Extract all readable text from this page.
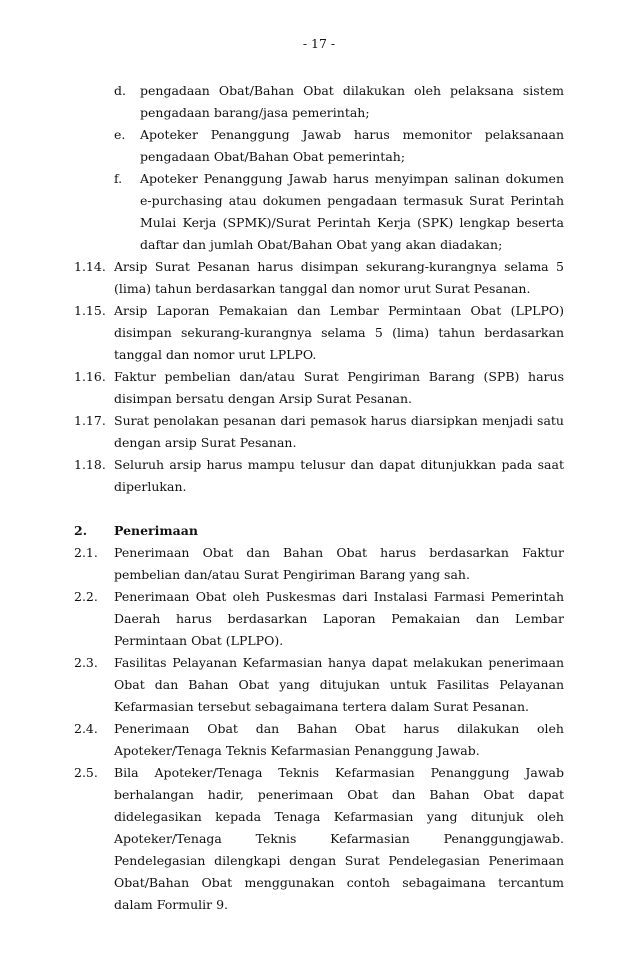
- 17 -
d.	pengadaan Obat/Bahan Obat dilakukan oleh pelaksana sistem pengadaan barang/jasa pemerintah;
e.	Apoteker Penanggung Jawab harus memonitor pelaksanaan pengadaan Obat/Bahan Obat pemerintah;
f.	Apoteker Penanggung Jawab harus menyimpan salinan dokumen e-purchasing atau dokumen pengadaan termasuk Surat Perintah Mulai Kerja (SPMK)/Surat Perintah Kerja (SPK) lengkap beserta daftar dan jumlah Obat/Bahan Obat yang akan diadakan;
1.14. Arsip Surat Pesanan harus disimpan sekurang-kurangnya selama 5 (lima) tahun berdasarkan tanggal dan nomor urut Surat Pesanan.
1.15. Arsip Laporan Pemakaian dan Lembar Permintaan Obat (LPLPO) disimpan sekurang-kurangnya selama 5 (lima) tahun berdasarkan tanggal dan nomor urut LPLPO.
1.16. Faktur pembelian dan/atau Surat Pengiriman Barang (SPB) harus disimpan bersatu dengan Arsip Surat Pesanan.
1.17. Surat penolakan pesanan dari pemasok harus diarsipkan menjadi satu dengan arsip Surat Pesanan.
1.18. Seluruh arsip harus mampu telusur dan dapat ditunjukkan pada saat diperlukan.
2.	Penerimaan
2.1.	Penerimaan Obat dan Bahan Obat harus berdasarkan Faktur pembelian dan/atau Surat Pengiriman Barang yang sah.
2.2.	Penerimaan Obat oleh Puskesmas dari Instalasi Farmasi Pemerintah Daerah harus berdasarkan Laporan Pemakaian dan Lembar Permintaan Obat (LPLPO).
2.3.	Fasilitas Pelayanan Kefarmasian hanya dapat melakukan penerimaan Obat dan Bahan Obat yang ditujukan untuk Fasilitas Pelayanan Kefarmasian tersebut sebagaimana tertera dalam Surat Pesanan.
2.4.	Penerimaan Obat dan Bahan Obat harus dilakukan oleh Apoteker/Tenaga Teknis Kefarmasian Penanggung Jawab.
2.5.	Bila Apoteker/Tenaga Teknis Kefarmasian Penanggung Jawab berhalangan hadir, penerimaan Obat dan Bahan Obat dapat didelegasikan kepada Tenaga Kefarmasian yang ditunjuk oleh Apoteker/Tenaga Teknis Kefarmasian Penanggungjawab. Pendelegasian dilengkapi dengan Surat Pendelegasian Penerimaan Obat/Bahan Obat menggunakan contoh sebagaimana tercantum dalam Formulir 9.
